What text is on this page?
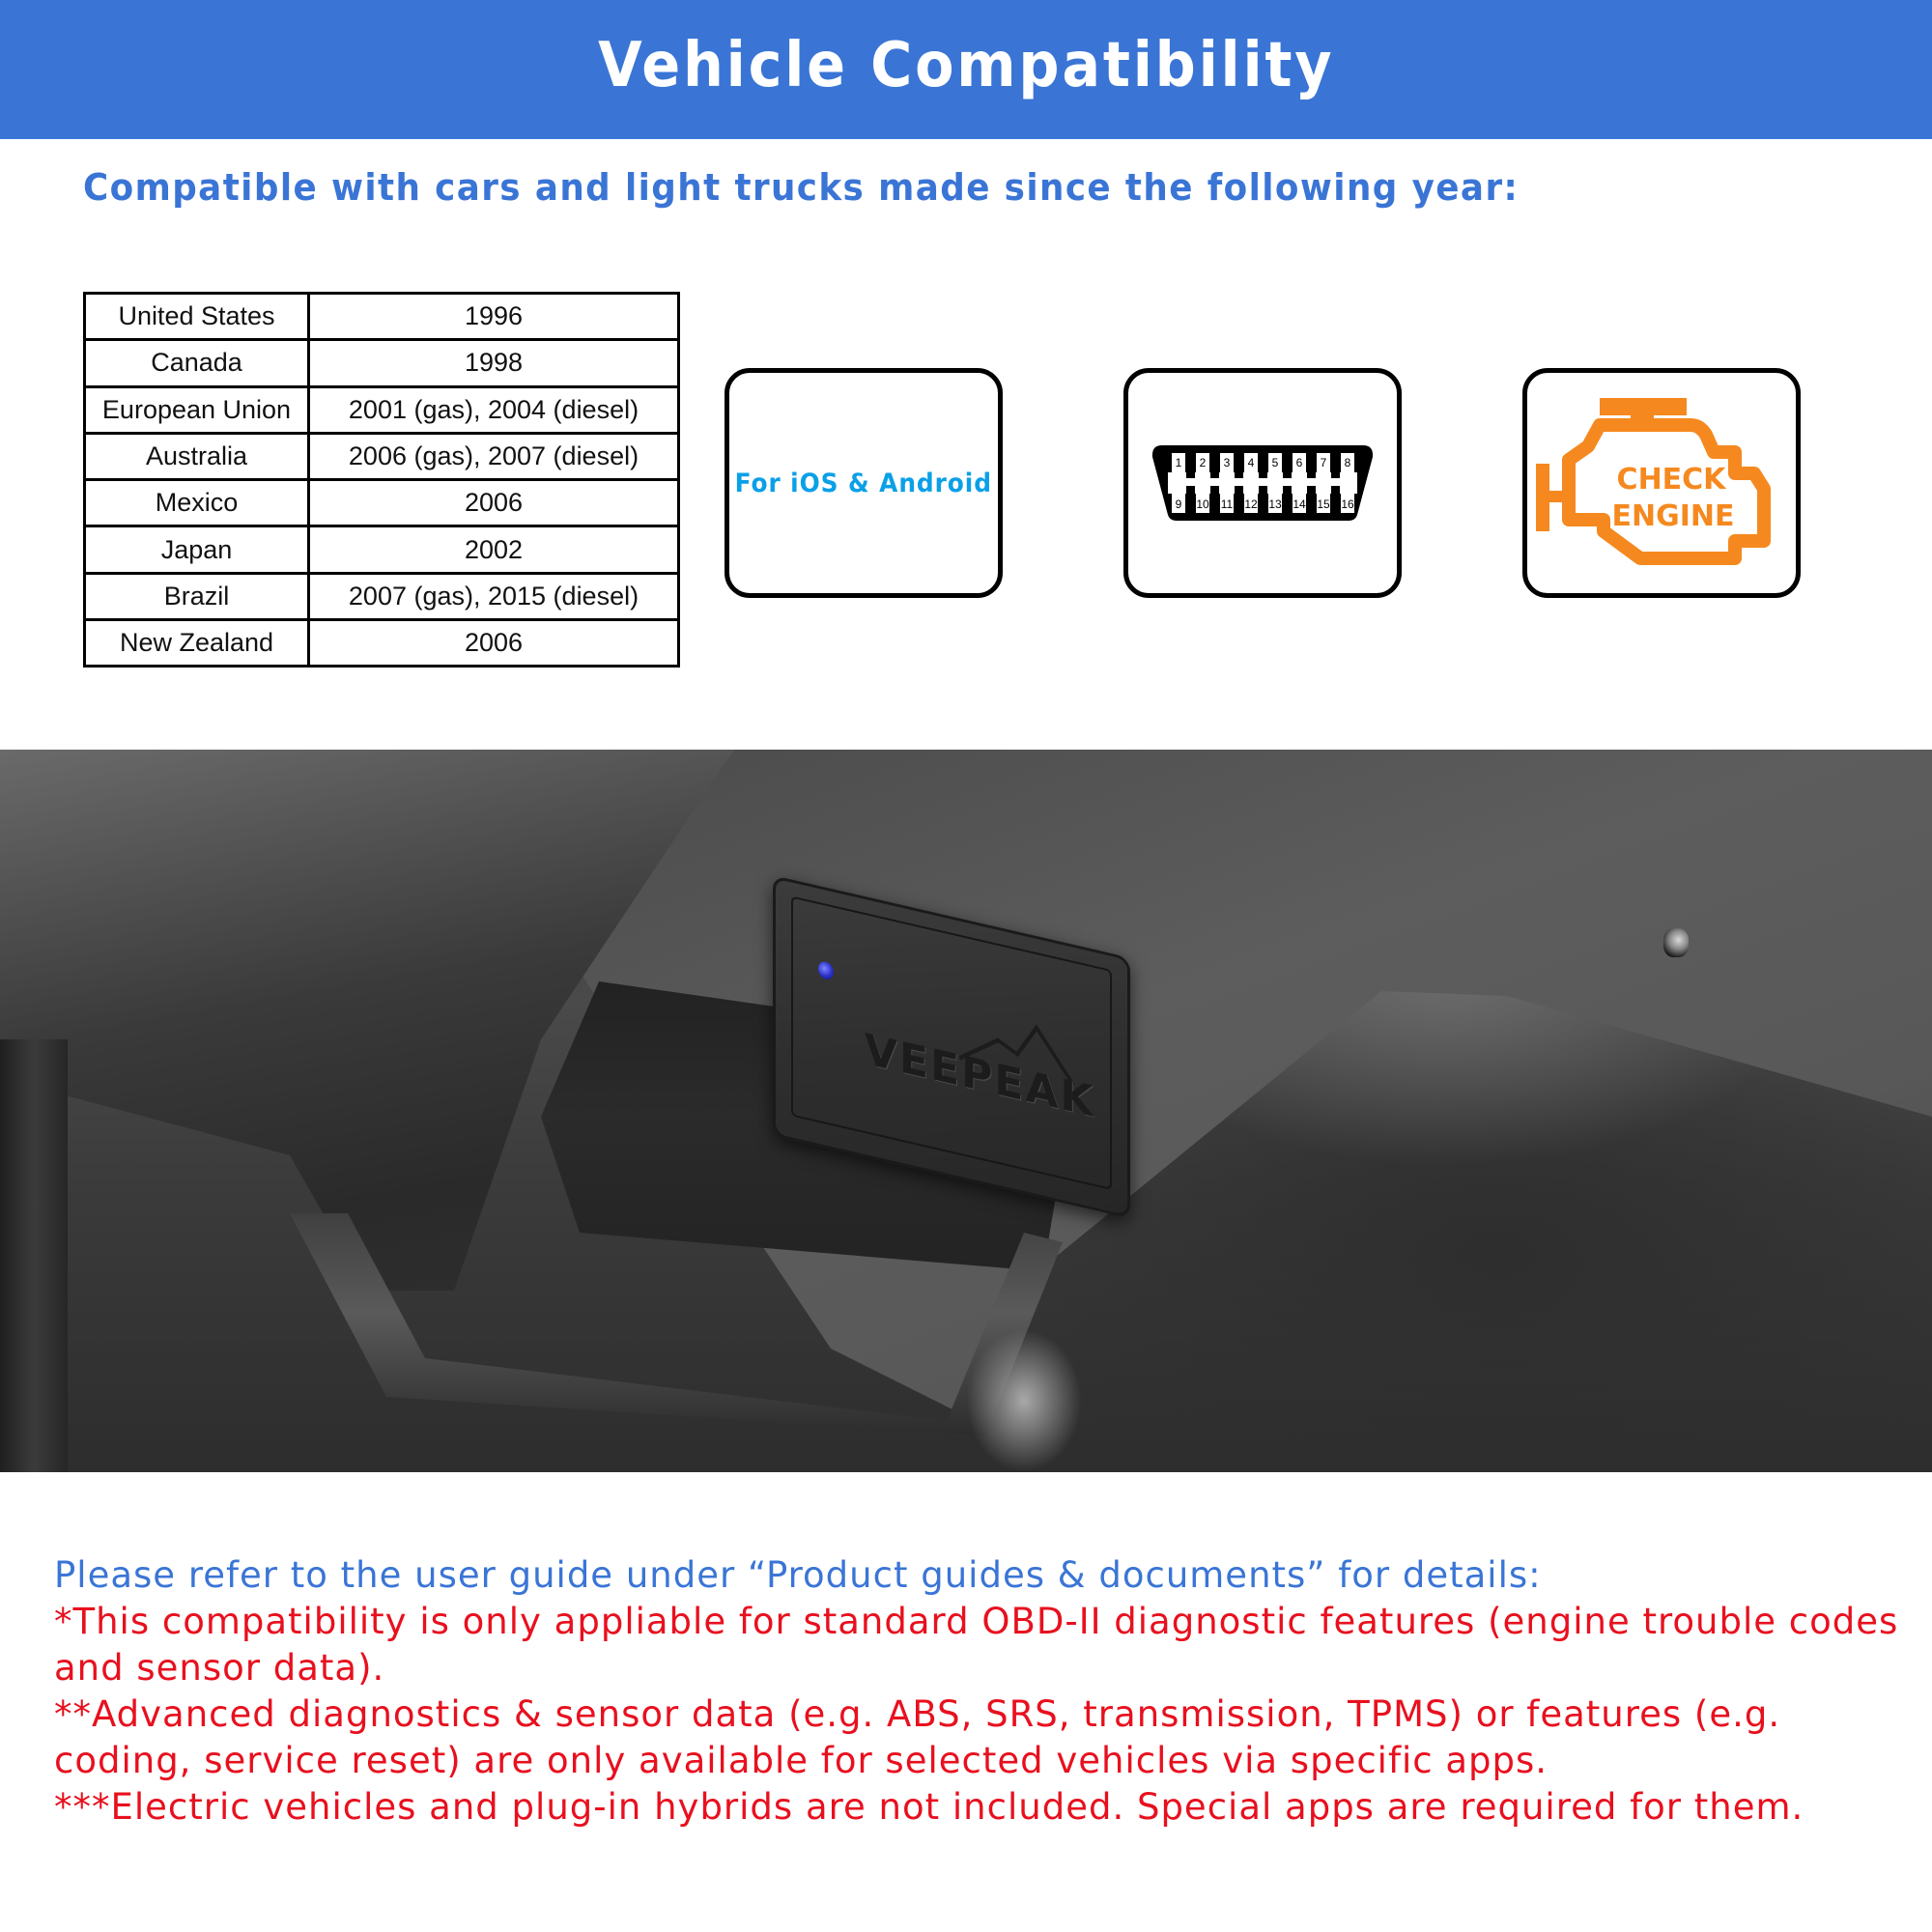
Vehicle Compatibility
Compatible with cars and light trucks made since the following year:
United States	1996
Canada	1998
European Union	2001 (gas), 2004 (diesel)
Australia	2006 (gas), 2007 (diesel)
Mexico	2006
Japan	2002
Brazil	2007 (gas), 2015 (diesel)
New Zealand	2006
For iOS & Android
1 2 3 4 5 6 7 8
9 10 11 12 13 14 15 16
CHECK
ENGINE
VEEPEAK
Please refer to the user guide under “Product guides & documents” for details:
*This compatibility is only appliable for standard OBD-II diagnostic features (engine trouble codes and sensor data).
**Advanced diagnostics & sensor data (e.g. ABS, SRS, transmission, TPMS) or features (e.g. coding, service reset) are only available for selected vehicles via specific apps.
***Electric vehicles and plug-in hybrids are not included. Special apps are required for them.
